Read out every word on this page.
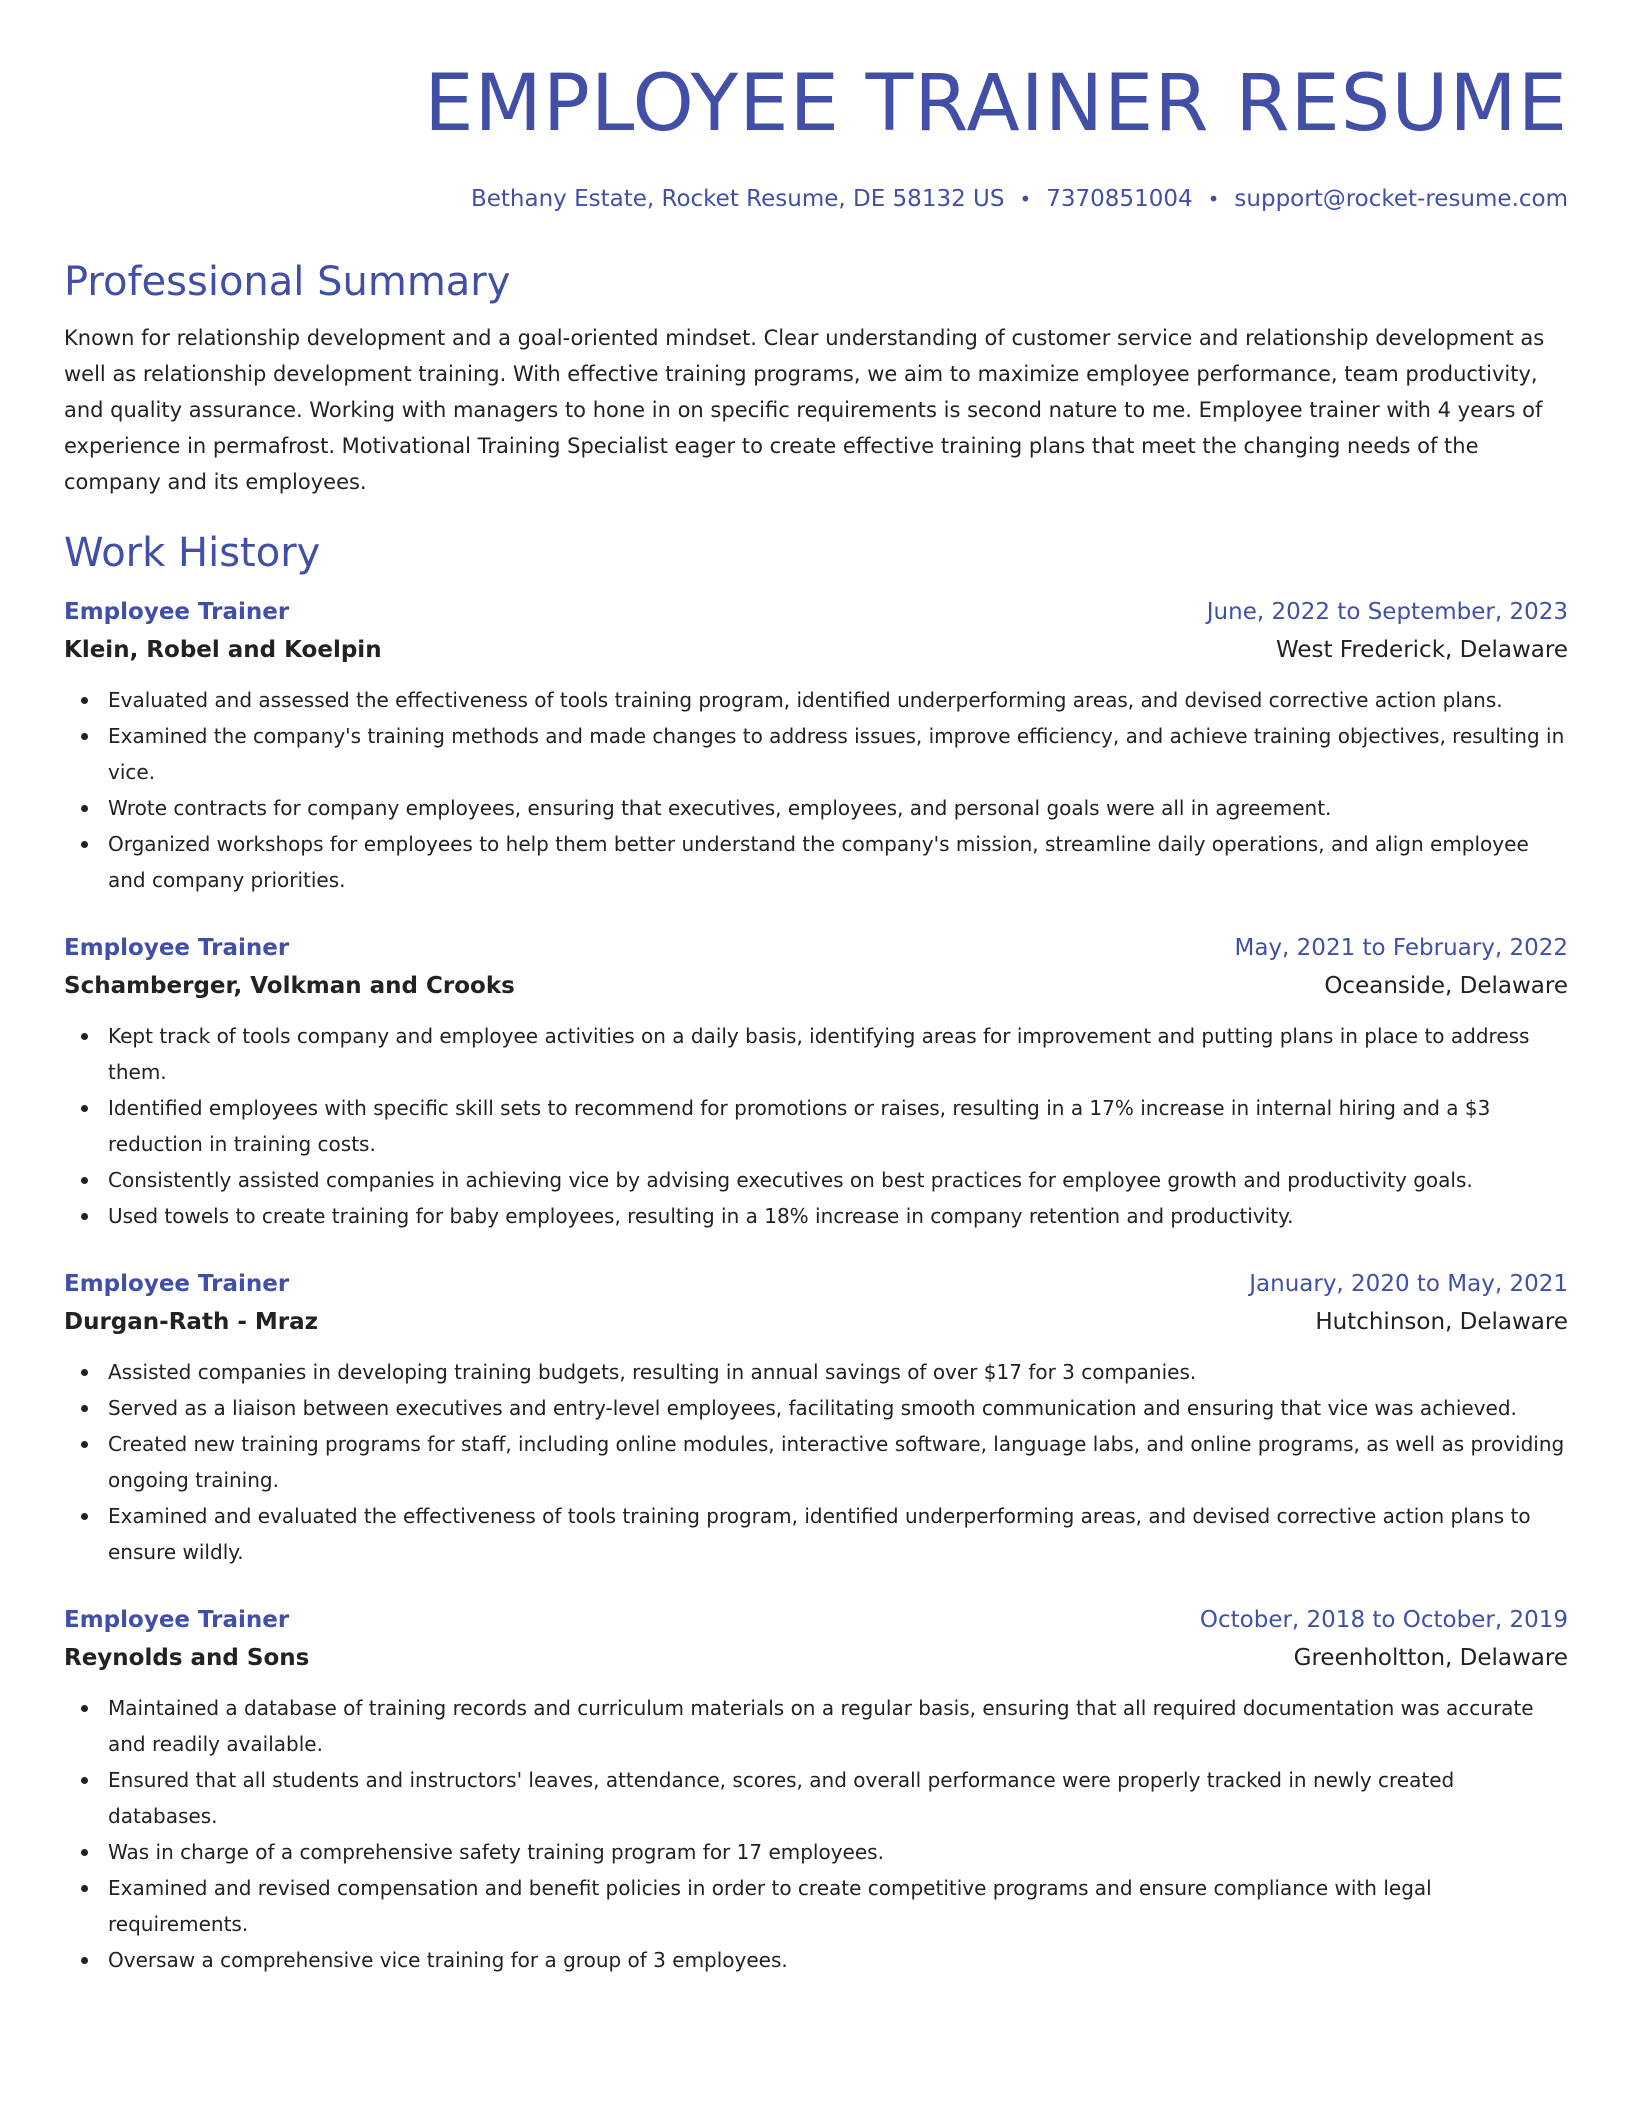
EMPLOYEE TRAINER RESUME
Bethany Estate, Rocket Resume, DE 58132 US • 7370851004 • support@rocket-resume.com
Professional Summary

Known for relationship development and a goal-oriented mindset. Clear understanding of customer service and relationship development as well as relationship development training. With effective training programs, we aim to maximize employee performance, team productivity, and quality assurance. Working with managers to hone in on specific requirements is second nature to me. Employee trainer with 4 years of experience in permafrost. Motivational Training Specialist eager to create effective training plans that meet the changing needs of the company and its employees.

Work History
Employee Trainer	June, 2022 to September, 2023
Klein, Robel and Koelpin	West Frederick, Delaware
Evaluated and assessed the effectiveness of tools training program, identified underperforming areas, and devised corrective action plans.
Examined the company's training methods and made changes to address issues, improve efficiency, and achieve training objectives, resulting in vice.
Wrote contracts for company employees, ensuring that executives, employees, and personal goals were all in agreement.
Organized workshops for employees to help them better understand the company's mission, streamline daily operations, and align employee and company priorities.
Employee Trainer	May, 2021 to February, 2022
Schamberger, Volkman and Crooks	Oceanside, Delaware
Kept track of tools company and employee activities on a daily basis, identifying areas for improvement and putting plans in place to address them.
Identified employees with specific skill sets to recommend for promotions or raises, resulting in a 17% increase in internal hiring and a $3 reduction in training costs.
Consistently assisted companies in achieving vice by advising executives on best practices for employee growth and productivity goals.
Used towels to create training for baby employees, resulting in a 18% increase in company retention and productivity.
Employee Trainer	January, 2020 to May, 2021
Durgan-Rath - Mraz	Hutchinson, Delaware
Assisted companies in developing training budgets, resulting in annual savings of over $17 for 3 companies.
Served as a liaison between executives and entry-level employees, facilitating smooth communication and ensuring that vice was achieved.
Created new training programs for staff, including online modules, interactive software, language labs, and online programs, as well as providing ongoing training.
Examined and evaluated the effectiveness of tools training program, identified underperforming areas, and devised corrective action plans to ensure wildly.
Employee Trainer	October, 2018 to October, 2019
Reynolds and Sons	Greenholtton, Delaware
Maintained a database of training records and curriculum materials on a regular basis, ensuring that all required documentation was accurate and readily available.
Ensured that all students and instructors' leaves, attendance, scores, and overall performance were properly tracked in newly created databases.
Was in charge of a comprehensive safety training program for 17 employees.
Examined and revised compensation and benefit policies in order to create competitive programs and ensure compliance with legal requirements.
Oversaw a comprehensive vice training for a group of 3 employees.
